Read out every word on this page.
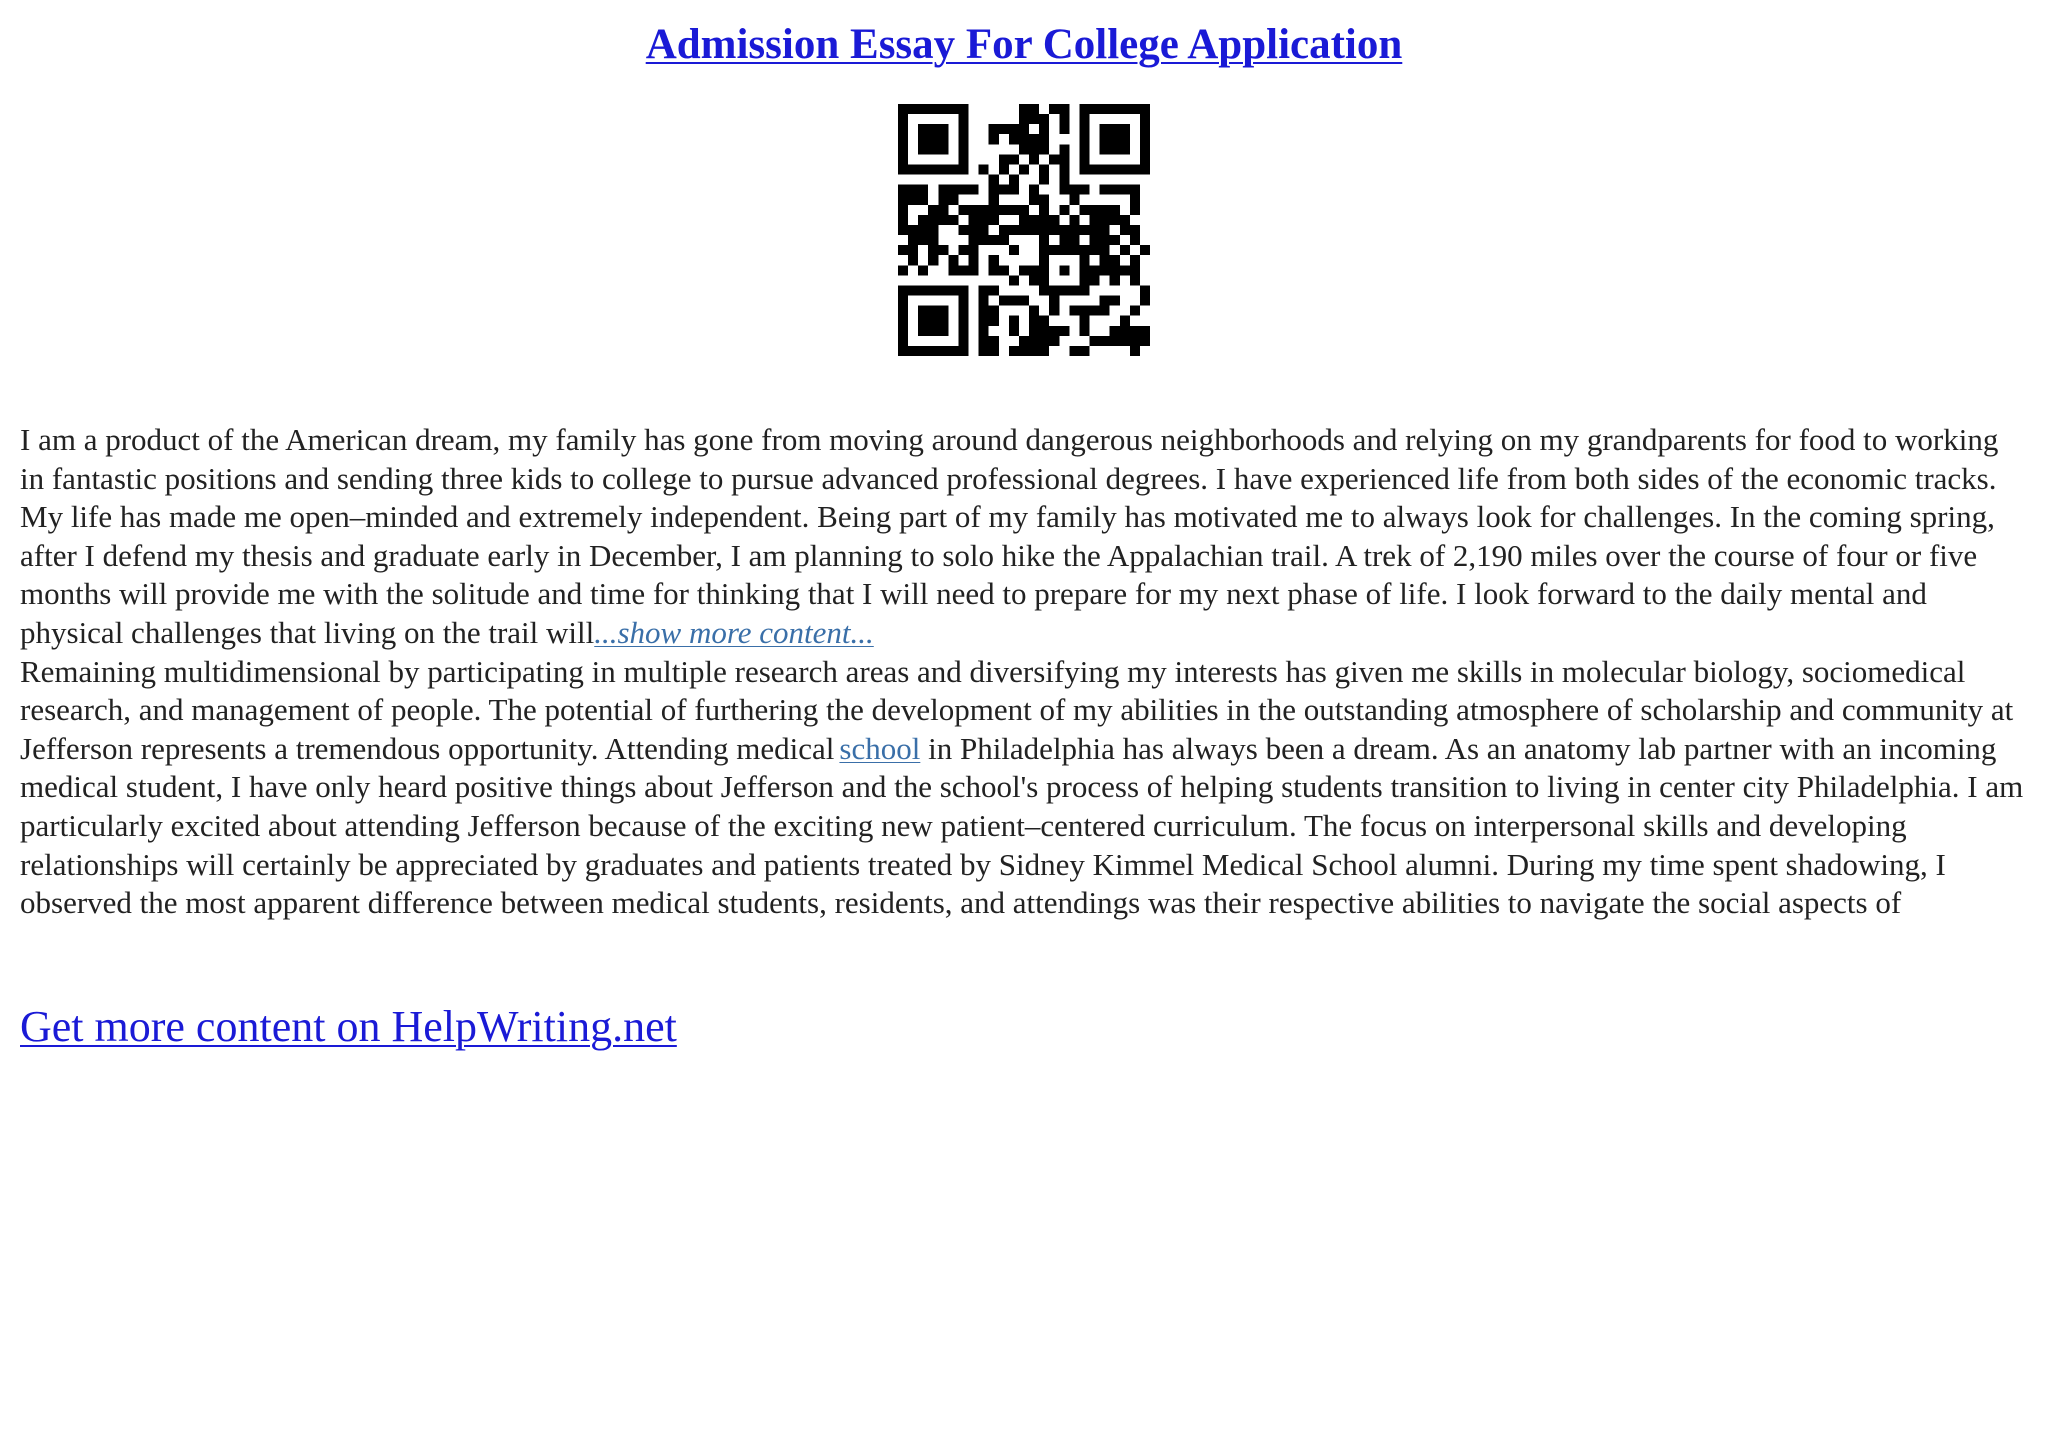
Admission Essay For College Application

I am a product of the American dream, my family has gone from moving around dangerous neighborhoods and relying on my grandparents for food to working in fantastic positions and sending three kids to college to pursue advanced professional degrees. I have experienced life from both sides of the economic tracks. My life has made me open–minded and extremely independent. Being part of my family has motivated me to always look for challenges. In the coming spring, after I defend my thesis and graduate early in December, I am planning to solo hike the Appalachian trail. A trek of 2,190 miles over the course of four or five months will provide me with the solitude and time for thinking that I will need to prepare for my next phase of life. I look forward to the daily mental and physical challenges that living on the trail will...show more content...

Remaining multidimensional by participating in multiple research areas and diversifying my interests has given me skills in molecular biology, sociomedical research, and management of people. The potential of furthering the development of my abilities in the outstanding atmosphere of scholarship and community at Jefferson represents a tremendous opportunity. Attending medical school in Philadelphia has always been a dream. As an anatomy lab partner with an incoming medical student, I have only heard positive things about Jefferson and the school's process of helping students transition to living in center city Philadelphia. I am particularly excited about attending Jefferson because of the exciting new patient–centered curriculum. The focus on interpersonal skills and developing relationships will certainly be appreciated by graduates and patients treated by Sidney Kimmel Medical School alumni. During my time spent shadowing, I observed the most apparent difference between medical students, residents, and attendings was their respective abilities to navigate the social aspects of

Get more content on HelpWriting.net
